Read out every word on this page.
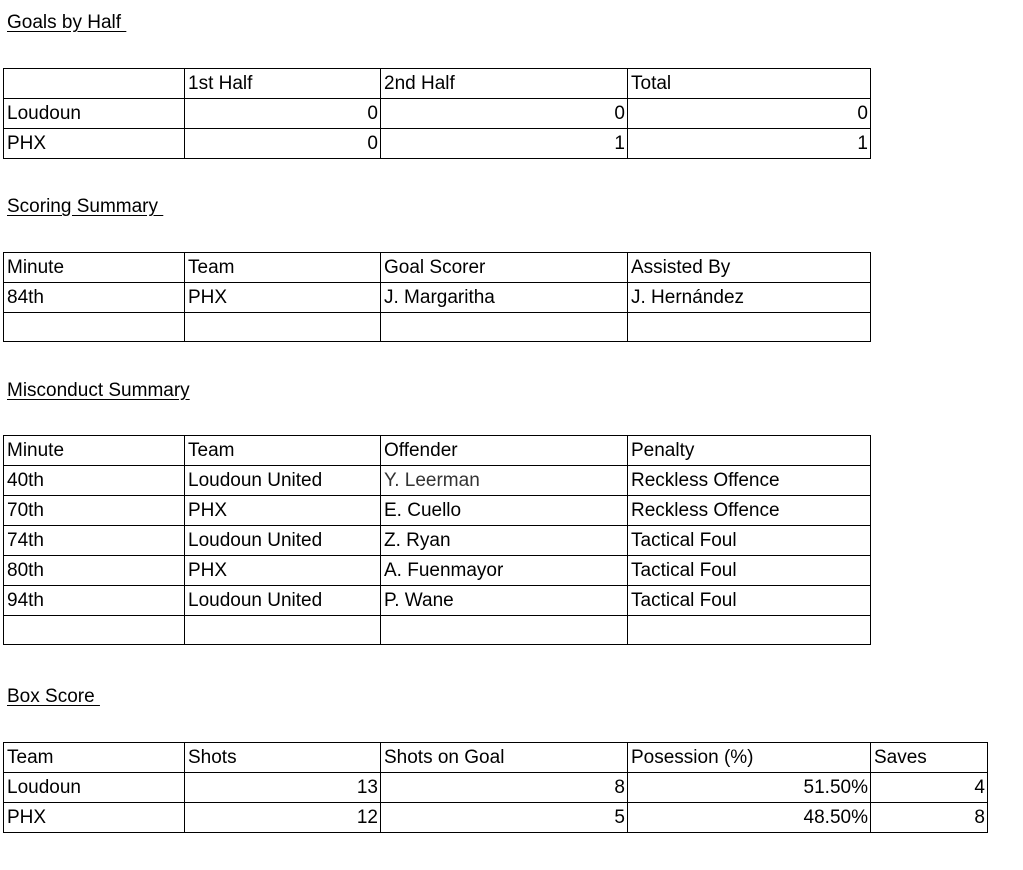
Goals by Half
	1st Half	2nd Half	Total
Loudoun	0	0	0
PHX	0	1	1
Scoring Summary
Minute	Team	Goal Scorer	Assisted By
84th	PHX	J. Margaritha	J. Hernández

Misconduct Summary
Minute	Team	Offender	Penalty
40th	Loudoun United	Y. Leerman	Reckless Offence
70th	PHX	E. Cuello	Reckless Offence
74th	Loudoun United	Z. Ryan	Tactical Foul
80th	PHX	A. Fuenmayor	Tactical Foul
94th	Loudoun United	P. Wane	Tactical Foul

Box Score
Team	Shots	Shots on Goal	Posession (%)	Saves
Loudoun	13	8	51.50%	4
PHX	12	5	48.50%	8
